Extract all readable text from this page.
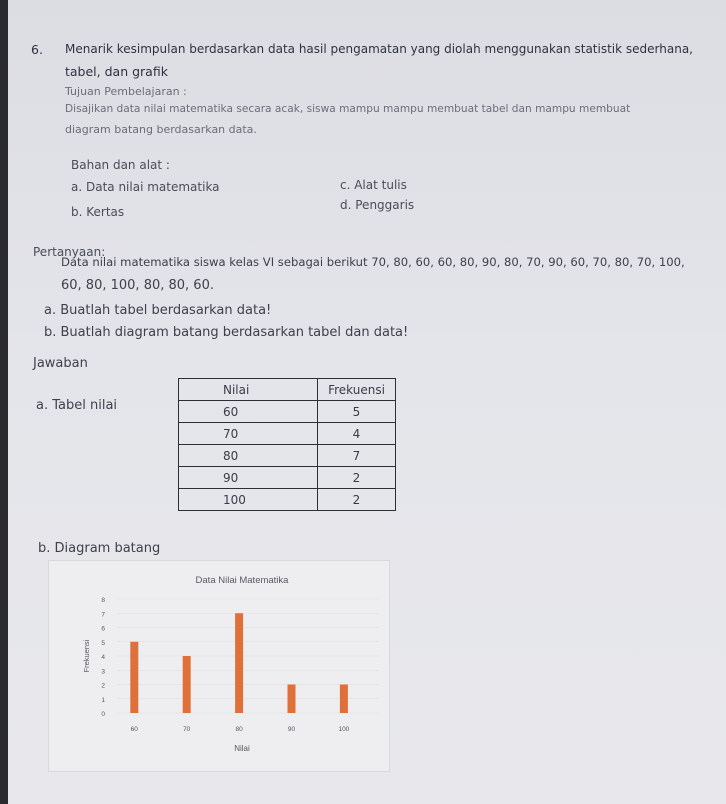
6. Menarik kesimpulan berdasarkan data hasil pengamatan yang diolah menggunakan statistik sederhana,
tabel, dan grafik
Tujuan Pembelajaran :
Disajikan data nilai matematika secara acak, siswa mampu mampu membuat tabel dan mampu membuat
diagram batang berdasarkan data.
Bahan dan alat :
a. Data nilai matematika
b. Kertas
c. Alat tulis
d. Penggaris
Pertanyaan:
Data nilai matematika siswa kelas VI sebagai berikut 70, 80, 60, 60, 80, 90, 80, 70, 90, 60, 70, 80, 70, 100,
60, 80, 100, 80, 80, 60.
a. Buatlah tabel berdasarkan data!
b. Buatlah diagram batang berdasarkan tabel dan data!
Jawaban
a. Tabel nilai
Nilai	Frekuensi
60	5
70	4
80	7
90	2
100	2
b. Diagram batang
Data Nilai Matematika
0
1
2
3
4
5
6
7
8
Frekuensi
60	70	80	90	100
Nilai
